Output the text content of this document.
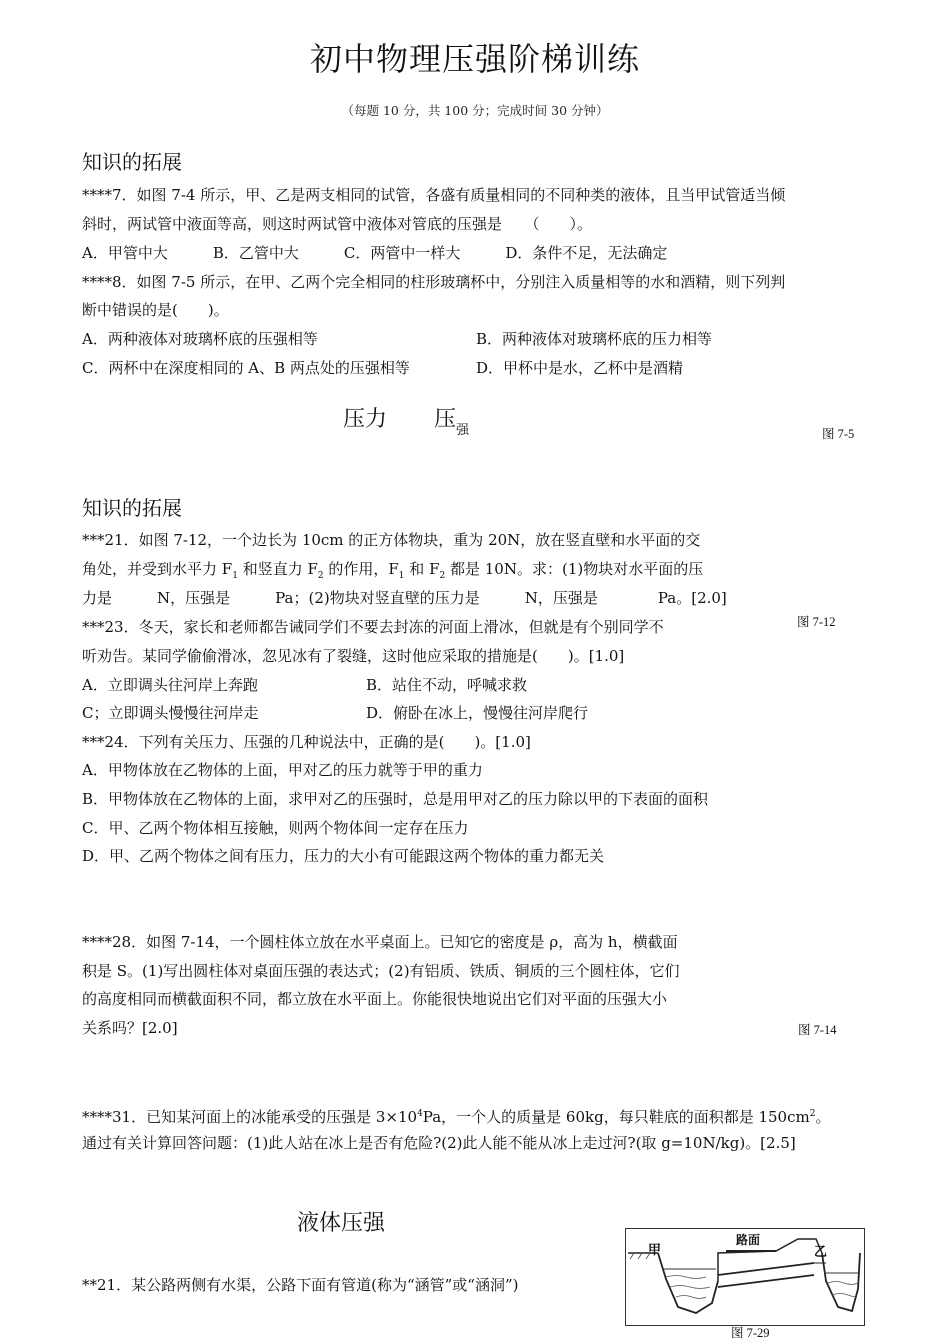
初中物理压强阶梯训练
（每题 10 分，共 100 分；完成时间 30 分钟）
知识的拓展
****7．如图 7-4 所示，甲、乙是两支相同的试管，各盛有质量相同的不同种类的液体，且当甲试管适当倾
斜时，两试管中液面等高，则这时两试管中液体对管底的压强是　　（　　）。
A．甲管中大　　　B．乙管中大　　　C．两管中一样大　　　D．条件不足，无法确定
****8．如图 7-5 所示，在甲、乙两个完全相同的柱形玻璃杯中，分别注入质量相等的水和酒精，则下列判
断中错误的是(　　)。
A．两种液体对玻璃杯底的压强相等	B．两种液体对玻璃杯底的压力相等
C．两杯中在深度相同的 A、B 两点处的压强相等	D．甲杯中是水，乙杯中是酒精
压力 压$_强$	图 7-5
知识的拓展
***21．如图 7-12，一个边长为 10cm 的正方体物块，重为 20N，放在竖直壁和水平面的交
角处，并受到水平力 $F_1$ 和竖直力 $F_2$ 的作用，$F_1$ 和 $F_2$ 都是 10N。求：(1)物块对水平面的压
力是　　　N，压强是　　　Pa；(2)物块对竖直壁的压力是　　　N，压强是　　　　Pa。[2.0]
图 7-12
***23．冬天，家长和老师都告诫同学们不要去封冻的河面上滑冰，但就是有个别同学不
听劝告。某同学偷偷滑冰，忽见冰有了裂缝，这时他应采取的措施是(　　)。[1.0]
A．立即调头往河岸上奔跑	B．站住不动，呼喊求救
C；立即调头慢慢往河岸走	D．俯卧在冰上，慢慢往河岸爬行
***24．下列有关压力、压强的几种说法中，正确的是(　　)。[1.0]
A．甲物体放在乙物体的上面，甲对乙的压力就等于甲的重力
B．甲物体放在乙物体的上面，求甲对乙的压强时，总是用甲对乙的压力除以甲的下表面的面积
C．甲、乙两个物体相互接触，则两个物体间一定存在压力
D．甲、乙两个物体之间有压力，压力的大小有可能跟这两个物体的重力都无关
****28．如图 7-14，一个圆柱体立放在水平桌面上。已知它的密度是 ρ，高为 h，横截面
积是 S。(1)写出圆柱体对桌面压强的表达式；(2)有铝质、铁质、铜质的三个圆柱体，它们
的高度相同而横截面积不同，都立放在水平面上。你能很快地说出它们对平面的压强大小
关系吗？[2.0]	图 7-14
****31．已知某河面上的冰能承受的压强是 $3\times 10^4Pa$，一个人的质量是 60kg，每只鞋底的面积都是 $150cm^2$。
通过有关计算回答问题：(1)此人站在冰上是否有危险?(2)此人能不能从冰上走过河?(取 g=10N/kg)。[2.5]
液体压强
**21．某公路两侧有水渠，公路下面有管道(称为“涵管”或“涵洞”)
甲
路面
乙
图 7-29
